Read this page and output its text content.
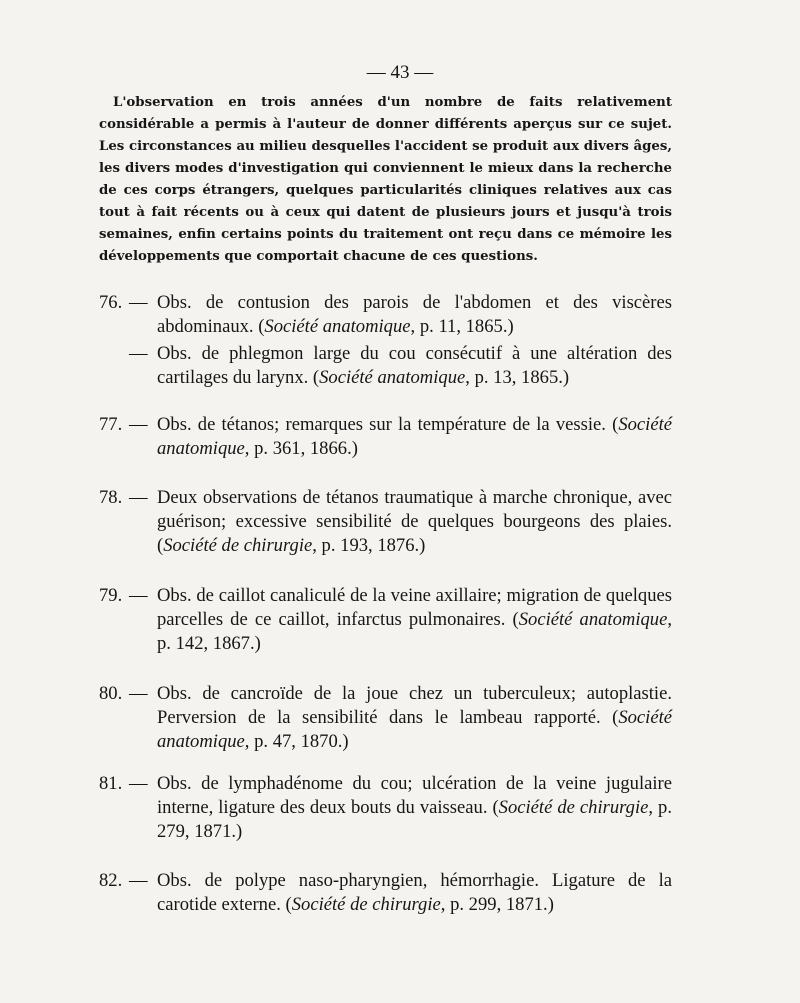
— 43 —

L'observation en trois années d'un nombre de faits relativement considérable a permis à l'auteur de donner différents aperçus sur ce sujet. Les circonstances au milieu desquelles l'accident se produit aux divers âges, les divers modes d'investigation qui conviennent le mieux dans la recherche de ces corps étrangers, quelques particularités cliniques relatives aux cas tout à fait récents ou à ceux qui datent de plusieurs jours et jusqu'à trois semaines, enfin certains points du traitement ont reçu dans ce mémoire les développements que comportait chacune de ces questions.

76. — Obs. de contusion des parois de l'abdomen et des viscères abdominaux. (Société anatomique, p. 11, 1865.)
— Obs. de phlegmon large du cou consécutif à une altération des cartilages du larynx. (Société anatomique, p. 13, 1865.)
77. — Obs. de tétanos; remarques sur la température de la vessie. (Société anatomique, p. 361, 1866.)
78. — Deux observations de tétanos traumatique à marche chronique, avec guérison; excessive sensibilité de quelques bourgeons des plaies. (Société de chirurgie, p. 193, 1876.)
79. — Obs. de caillot canaliculé de la veine axillaire; migration de quelques parcelles de ce caillot, infarctus pulmonaires. (Société anatomique, p. 142, 1867.)
80. — Obs. de cancroïde de la joue chez un tuberculeux; autoplastie. Perversion de la sensibilité dans le lambeau rapporté. (Société anatomique, p. 47, 1870.)
81. — Obs. de lymphadénome du cou; ulcération de la veine jugulaire interne, ligature des deux bouts du vaisseau. (Société de chirurgie, p. 279, 1871.)
82. — Obs. de polype naso-pharyngien, hémorrhagie. Ligature de la carotide externe. (Société de chirurgie, p. 299, 1871.)
